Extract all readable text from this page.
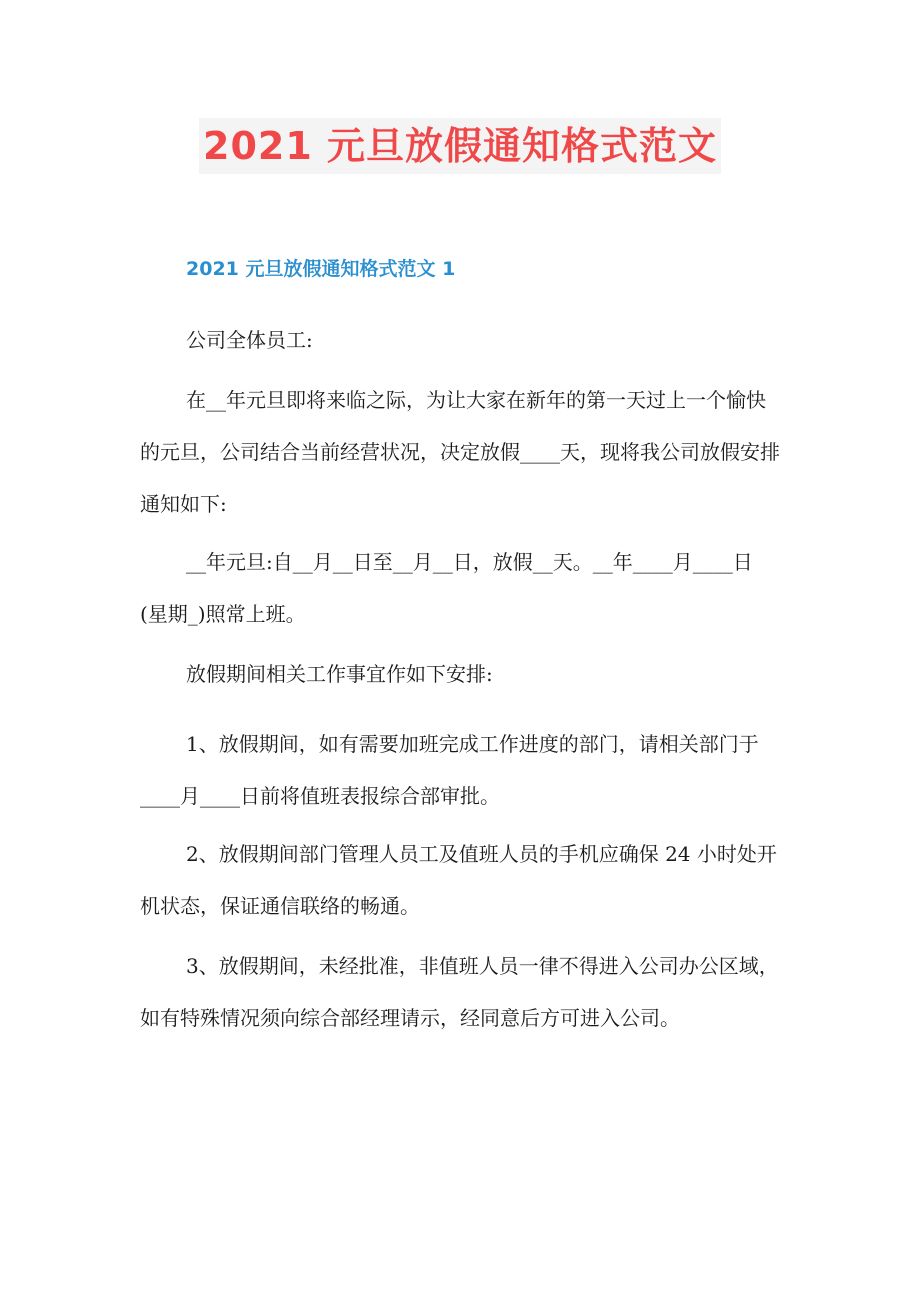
2021 元旦放假通知格式范文
2021 元旦放假通知格式范文 1

公司全体员工:

在__年元旦即将来临之际，为让大家在新年的第一天过上一个愉快的元旦，公司结合当前经营状况，决定放假____天，现将我公司放假安排通知如下:

__年元旦:自__月__日至__月__日，放假__天。__年____月____日(星期_)照常上班。

放假期间相关工作事宜作如下安排:

1、放假期间，如有需要加班完成工作进度的部门，请相关部门于____月____日前将值班表报综合部审批。

2、放假期间部门管理人员工及值班人员的手机应确保 24 小时处开机状态，保证通信联络的畅通。

3、放假期间，未经批准，非值班人员一律不得进入公司办公区域，如有特殊情况须向综合部经理请示，经同意后方可进入公司。
